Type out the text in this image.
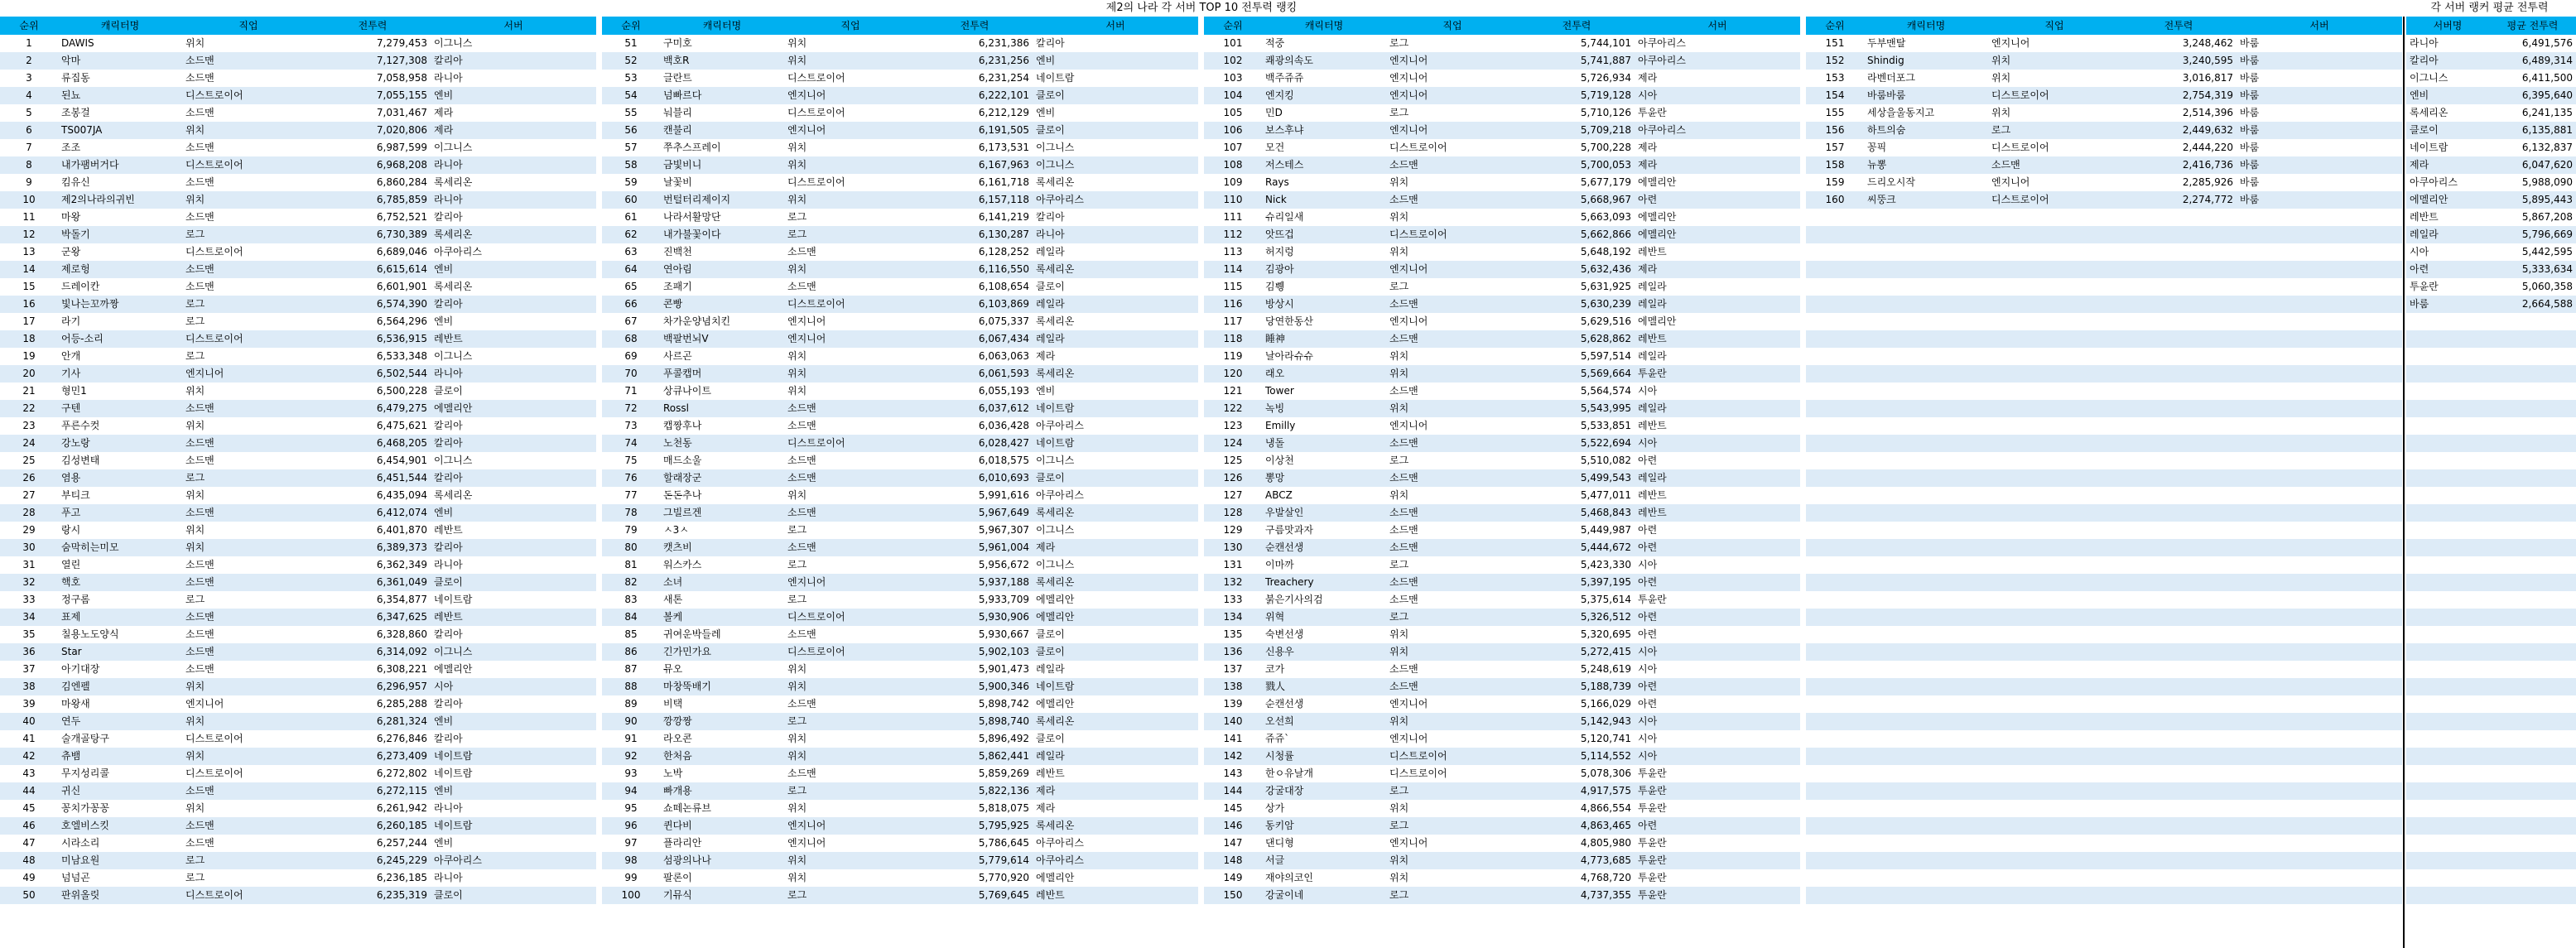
제2의 나라 각 서버 TOP 10 전투력 랭킹	각 서버 랭커 평균 전투력
순위	캐릭터명	직업	전투력	서버
1	DAWIS	위치	7,279,453	이그니스
2	악마	소드맨	7,127,308	칼리아
3	류집동	소드맨	7,058,958	라니아
4	된뇨	디스트로이어	7,055,155	엔비
5	조봉걸	소드맨	7,031,467	제라
6	TS007JA	위치	7,020,806	제라
7	조조	소드맨	6,987,599	이그니스
8	내가팸버거다	디스트로이어	6,968,208	라니아
9	킴유신	소드맨	6,860,284	록세리온
10	제2의나라의귀빈	위치	6,785,859	라니아
11	마왕	소드맨	6,752,521	칼리아
12	박돌기	로그	6,730,389	록세리온
13	군왕	디스트로이어	6,689,046	아쿠아리스
14	제로헝	소드맨	6,615,614	엔비
15	드레이칸	소드맨	6,601,901	록세리온
16	빛나는꼬까짱	로그	6,574,390	칼리아
17	라기	로그	6,564,296	엔비
18	어등-소리	디스트로이어	6,536,915	레반트
19	안개	로그	6,533,348	이그니스
20	기사	엔지니어	6,502,544	라니아
21	형민1	위치	6,500,228	클로이
22	구텐	소드맨	6,479,275	에멜리안
23	푸른수컷	위치	6,475,621	칼리아
24	강노랑	소드맨	6,468,205	칼리아
25	김성변태	소드맨	6,454,901	이그니스
26	염용	로그	6,451,544	칼리아
27	부티크	위치	6,435,094	록세리온
28	푸고	소드맨	6,412,074	엔비
29	랑시	위치	6,401,870	레반트
30	숨막히는미모	위치	6,389,373	칼리아
31	열린	소드맨	6,362,349	라니아
32	핵호	소드맨	6,361,049	클로이
33	정구롬	로그	6,354,877	네이트람
34	표제	소드맨	6,347,625	레반트
35	칠용노도양식	소드맨	6,328,860	칼리아
36	Star	소드맨	6,314,092	이그니스
37	아기대장	소드맨	6,308,221	에멜리안
38	김엔펠	위치	6,296,957	시아
39	마왕새	엔지니어	6,285,288	칼리아
40	연두	위치	6,281,324	엔비
41	술개골탕구	디스트로이어	6,276,846	칼리아
42	츄뱀	위치	6,273,409	네이트람
43	무지성리콜	디스트로이어	6,272,802	네이트람
44	귀신	소드맨	6,272,115	엔비
45	꽁치가꽁꽁	위치	6,261,942	라니아
46	호엘비스킷	소드맨	6,260,185	네이트람
47	시라소리	소드맨	6,257,244	엔비
48	미남요원	로그	6,245,229	아쿠아리스
49	넘넘곤	로그	6,236,185	라니아
50	판위올릿	디스트로이어	6,235,319	클로이
순위	캐릭터명	직업	전투력	서버
51	구미호	위치	6,231,386	칼리아
52	백호R	위치	6,231,256	엔비
53	글란트	디스트로이어	6,231,254	네이트람
54	넘빠르다	엔지니어	6,222,101	클로이
55	눠블리	디스트로이어	6,212,129	엔비
56	캔불리	엔지니어	6,191,505	클로이
57	쭈추스프레이	위치	6,173,531	이그니스
58	금빛비니	위치	6,167,963	이그니스
59	날꽃비	디스트로이어	6,161,718	록세리온
60	번털터리제이지	위치	6,157,118	아쿠아리스
61	나라서활망단	로그	6,141,219	칼리아
62	내가불꽃이다	로그	6,130,287	라니아
63	진백천	소드맨	6,128,252	레일라
64	연아림	위치	6,116,550	록세리온
65	조패기	소드맨	6,108,654	클로이
66	콘빵	디스트로이어	6,103,869	레일라
67	차가운양념치킨	엔지니어	6,075,337	록세리온
68	백팔번뇌V	엔지니어	6,067,434	레일라
69	사르곤	위치	6,063,063	제라
70	푸콜캡머	위치	6,061,593	록세리온
71	상큐나이트	위치	6,055,193	엔비
72	Rossl	소드맨	6,037,612	네이트람
73	캡짱후나	소드맨	6,036,428	아쿠아리스
74	노천동	디스트로이어	6,028,427	네이트람
75	매드소울	소드맨	6,018,575	이그니스
76	할래장군	소드맨	6,010,693	클로이
77	돈돈추나	위치	5,991,616	아쿠아리스
78	그빌르겐	소드맨	5,967,649	록세리온
79	ㅅ3ㅅ	로그	5,967,307	이그니스
80	캣츠비	소드맨	5,961,004	제라
81	워스카스	로그	5,956,672	이그니스
82	소녀	엔지니어	5,937,188	록세리온
83	새톤	로그	5,933,709	에멜리안
84	볼케	디스트로이어	5,930,906	에멜리안
85	귀여운박들레	소드맨	5,930,667	클로이
86	긴가민가요	디스트로이어	5,902,103	클로이
87	뮤오	위치	5,901,473	레일라
88	마창뚝배기	위치	5,900,346	네이트람
89	비택	소드맨	5,898,742	에멜리안
90	깡깡짱	로그	5,898,740	록세리온
91	라오콘	위치	5,896,492	클로이
92	한처음	위치	5,862,441	레일라
93	노박	소드맨	5,859,269	레반트
94	빠개용	로그	5,822,136	제라
95	쇼떼논류브	위치	5,818,075	제라
96	퀸다비	엔지니어	5,795,925	록세리온
97	플라리안	엔지니어	5,786,645	아쿠아리스
98	섬광의나나	위치	5,779,614	아쿠아리스
99	팔론이	위치	5,770,920	에멜리안
100	기뮤식	로그	5,769,645	레반트
순위	캐릭터명	직업	전투력	서버
101	적중	로그	5,744,101	아쿠아리스
102	쾌광의속도	엔지니어	5,741,887	아쿠아리스
103	백주쥬쥬	엔지니어	5,726,934	제라
104	엔지킹	엔지니어	5,719,128	시아
105	민D	로그	5,710,126	투윤란
106	보스후냐	엔지니어	5,709,218	아쿠아리스
107	모건	디스트로이어	5,700,228	제라
108	저스테스	소드맨	5,700,053	제라
109	Rays	위치	5,677,179	에멜리안
110	Nick	소드맨	5,668,967	아련
111	슈리일새	위치	5,663,093	에멜리안
112	앗뜨겁	디스트로이어	5,662,866	에멜리안
113	허지렁	위치	5,648,192	레반트
114	김광아	엔지니어	5,632,436	제라
115	김쀙	로그	5,631,925	레일라
116	방상시	소드맨	5,630,239	레일라
117	당연한동산	엔지니어	5,629,516	에멜리안
118	睡神	소드맨	5,628,862	레반트
119	날아라슈슈	위치	5,597,514	레일라
120	래오	위치	5,569,664	투윤란
121	Tower	소드맨	5,564,574	시아
122	녹빙	위치	5,543,995	레일라
123	Emilly	엔지니어	5,533,851	레반트
124	냉돌	소드맨	5,522,694	시아
125	이상천	로그	5,510,082	아련
126	뽕망	소드맨	5,499,543	레일라
127	ABCZ	위치	5,477,011	레반트
128	우발살인	소드맨	5,468,843	레반트
129	구름맛과자	소드맨	5,449,987	아련
130	순캔선생	소드맨	5,444,672	아련
131	이마까	로그	5,423,330	시아
132	Treachery	소드맨	5,397,195	아련
133	붉은기사의검	소드맨	5,375,614	투윤란
134	위혁	로그	5,326,512	아련
135	숙변선생	위치	5,320,695	아련
136	신용우	위치	5,272,415	시아
137	코가	소드맨	5,248,619	시아
138	戮人	소드맨	5,188,739	아련
139	순캔선생	엔지니어	5,166,029	아련
140	오선희	위치	5,142,943	시아
141	쥬쥬`	엔지니어	5,120,741	시아
142	시청률	디스트로이어	5,114,552	시아
143	한ㅇ유날개	디스트로이어	5,078,306	투윤란
144	강굴대장	로그	4,917,575	투윤란
145	상가	위치	4,866,554	투윤란
146	동키암	로그	4,863,465	아련
147	댄디형	엔지니어	4,805,980	투윤란
148	서글	위치	4,773,685	투윤란
149	재야의코인	위치	4,768,720	투윤란
150	강굴이네	로그	4,737,355	투윤란
순위	캐릭터명	직업	전투력	서버
151	두부맨탈	엔지니어	3,248,462	바룸
152	Shindig	위치	3,240,595	바룸
153	라벤더포그	위치	3,016,817	바룸
154	바룸바룸	디스트로이어	2,754,319	바룸
155	세상을울동지고	위치	2,514,396	바룸
156	하트의숨	로그	2,449,632	바룸
157	꽁픽	디스트로이어	2,444,220	바룸
158	뉴뽕	소드맨	2,416,736	바룸
159	드리오시작	엔지니어	2,285,926	바룸
160	씨뚱크	디스트로이어	2,274,772	바룸

서버명	평균 전투력
라니아	6,491,576
칼리아	6,489,314
이그니스	6,411,500
엔비	6,395,640
록세리온	6,241,135
클로이	6,135,881
네이트람	6,132,837
제라	6,047,620
아쿠아리스	5,988,090
에멜리안	5,895,443
레반트	5,867,208
레일라	5,796,669
시아	5,442,595
아련	5,333,634
투윤란	5,060,358
바룸	2,664,588
